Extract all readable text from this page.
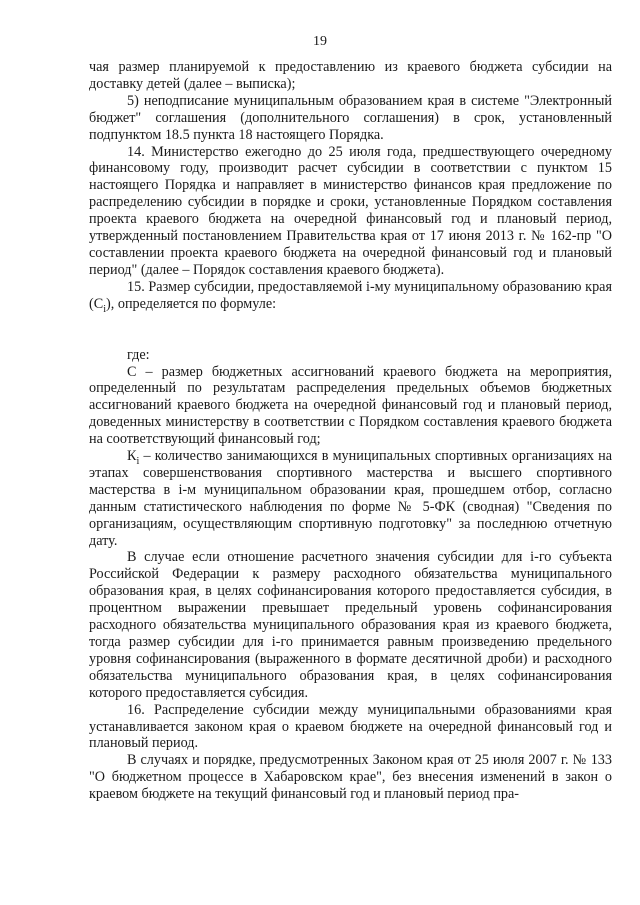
19

чая размер планируемой к предоставлению из краевого бюджета субсидии на доставку детей (далее – выписка);

5) неподписание муниципальным образованием края в системе "Электронный бюджет" соглашения (дополнительного соглашения) в срок, установленный подпунктом 18.5 пункта 18 настоящего Порядка.

14. Министерство ежегодно до 25 июля года, предшествующего очередному финансовому году, производит расчет субсидии в соответствии с пунктом 15 настоящего Порядка и направляет в министерство финансов края предложение по распределению субсидии в порядке и сроки, установленные Порядком составления проекта краевого бюджета на очередной финансовый год и плановый период, утвержденный постановлением Правительства края от 17 июня 2013 г. № 162-пр "О составлении проекта краевого бюджета на очередной финансовый год и плановый период" (далее – Порядок составления краевого бюджета).

15. Размер субсидии, предоставляемой i-му муниципальному образованию края $(С_i)$, определяется по формуле:

где:

С – размер бюджетных ассигнований краевого бюджета на мероприятия, определенный по результатам распределения предельных объемов бюджетных ассигнований краевого бюджета на очередной финансовый год и плановый период, доведенных министерству в соответствии с Порядком составления краевого бюджета на соответствующий финансовый год;

$К_i$ – количество занимающихся в муниципальных спортивных организациях на этапах совершенствования спортивного мастерства и высшего спортивного мастерства в i-м муниципальном образовании края, прошедшем отбор, согласно данным статистического наблюдения по форме № 5-ФК (сводная) "Сведения по организациям, осуществляющим спортивную подготовку" за последнюю отчетную дату.

В случае если отношение расчетного значения субсидии для i-го субъекта Российской Федерации к размеру расходного обязательства муниципального образования края, в целях софинансирования которого предоставляется субсидия, в процентном выражении превышает предельный уровень софинансирования расходного обязательства муниципального образования края из краевого бюджета, тогда размер субсидии для i-го принимается равным произведению предельного уровня софинансирования (выраженного в формате десятичной дроби) и расходного обязательства муниципального образования края, в целях софинансирования которого предоставляется субсидия.

16. Распределение субсидии между муниципальными образованиями края устанавливается законом края о краевом бюджете на очередной финансовый год и плановый период.

В случаях и порядке, предусмотренных Законом края от 25 июля 2007 г. № 133 "О бюджетном процессе в Хабаровском крае", без внесения изменений в закон о краевом бюджете на текущий финансовый год и плановый период пра-
